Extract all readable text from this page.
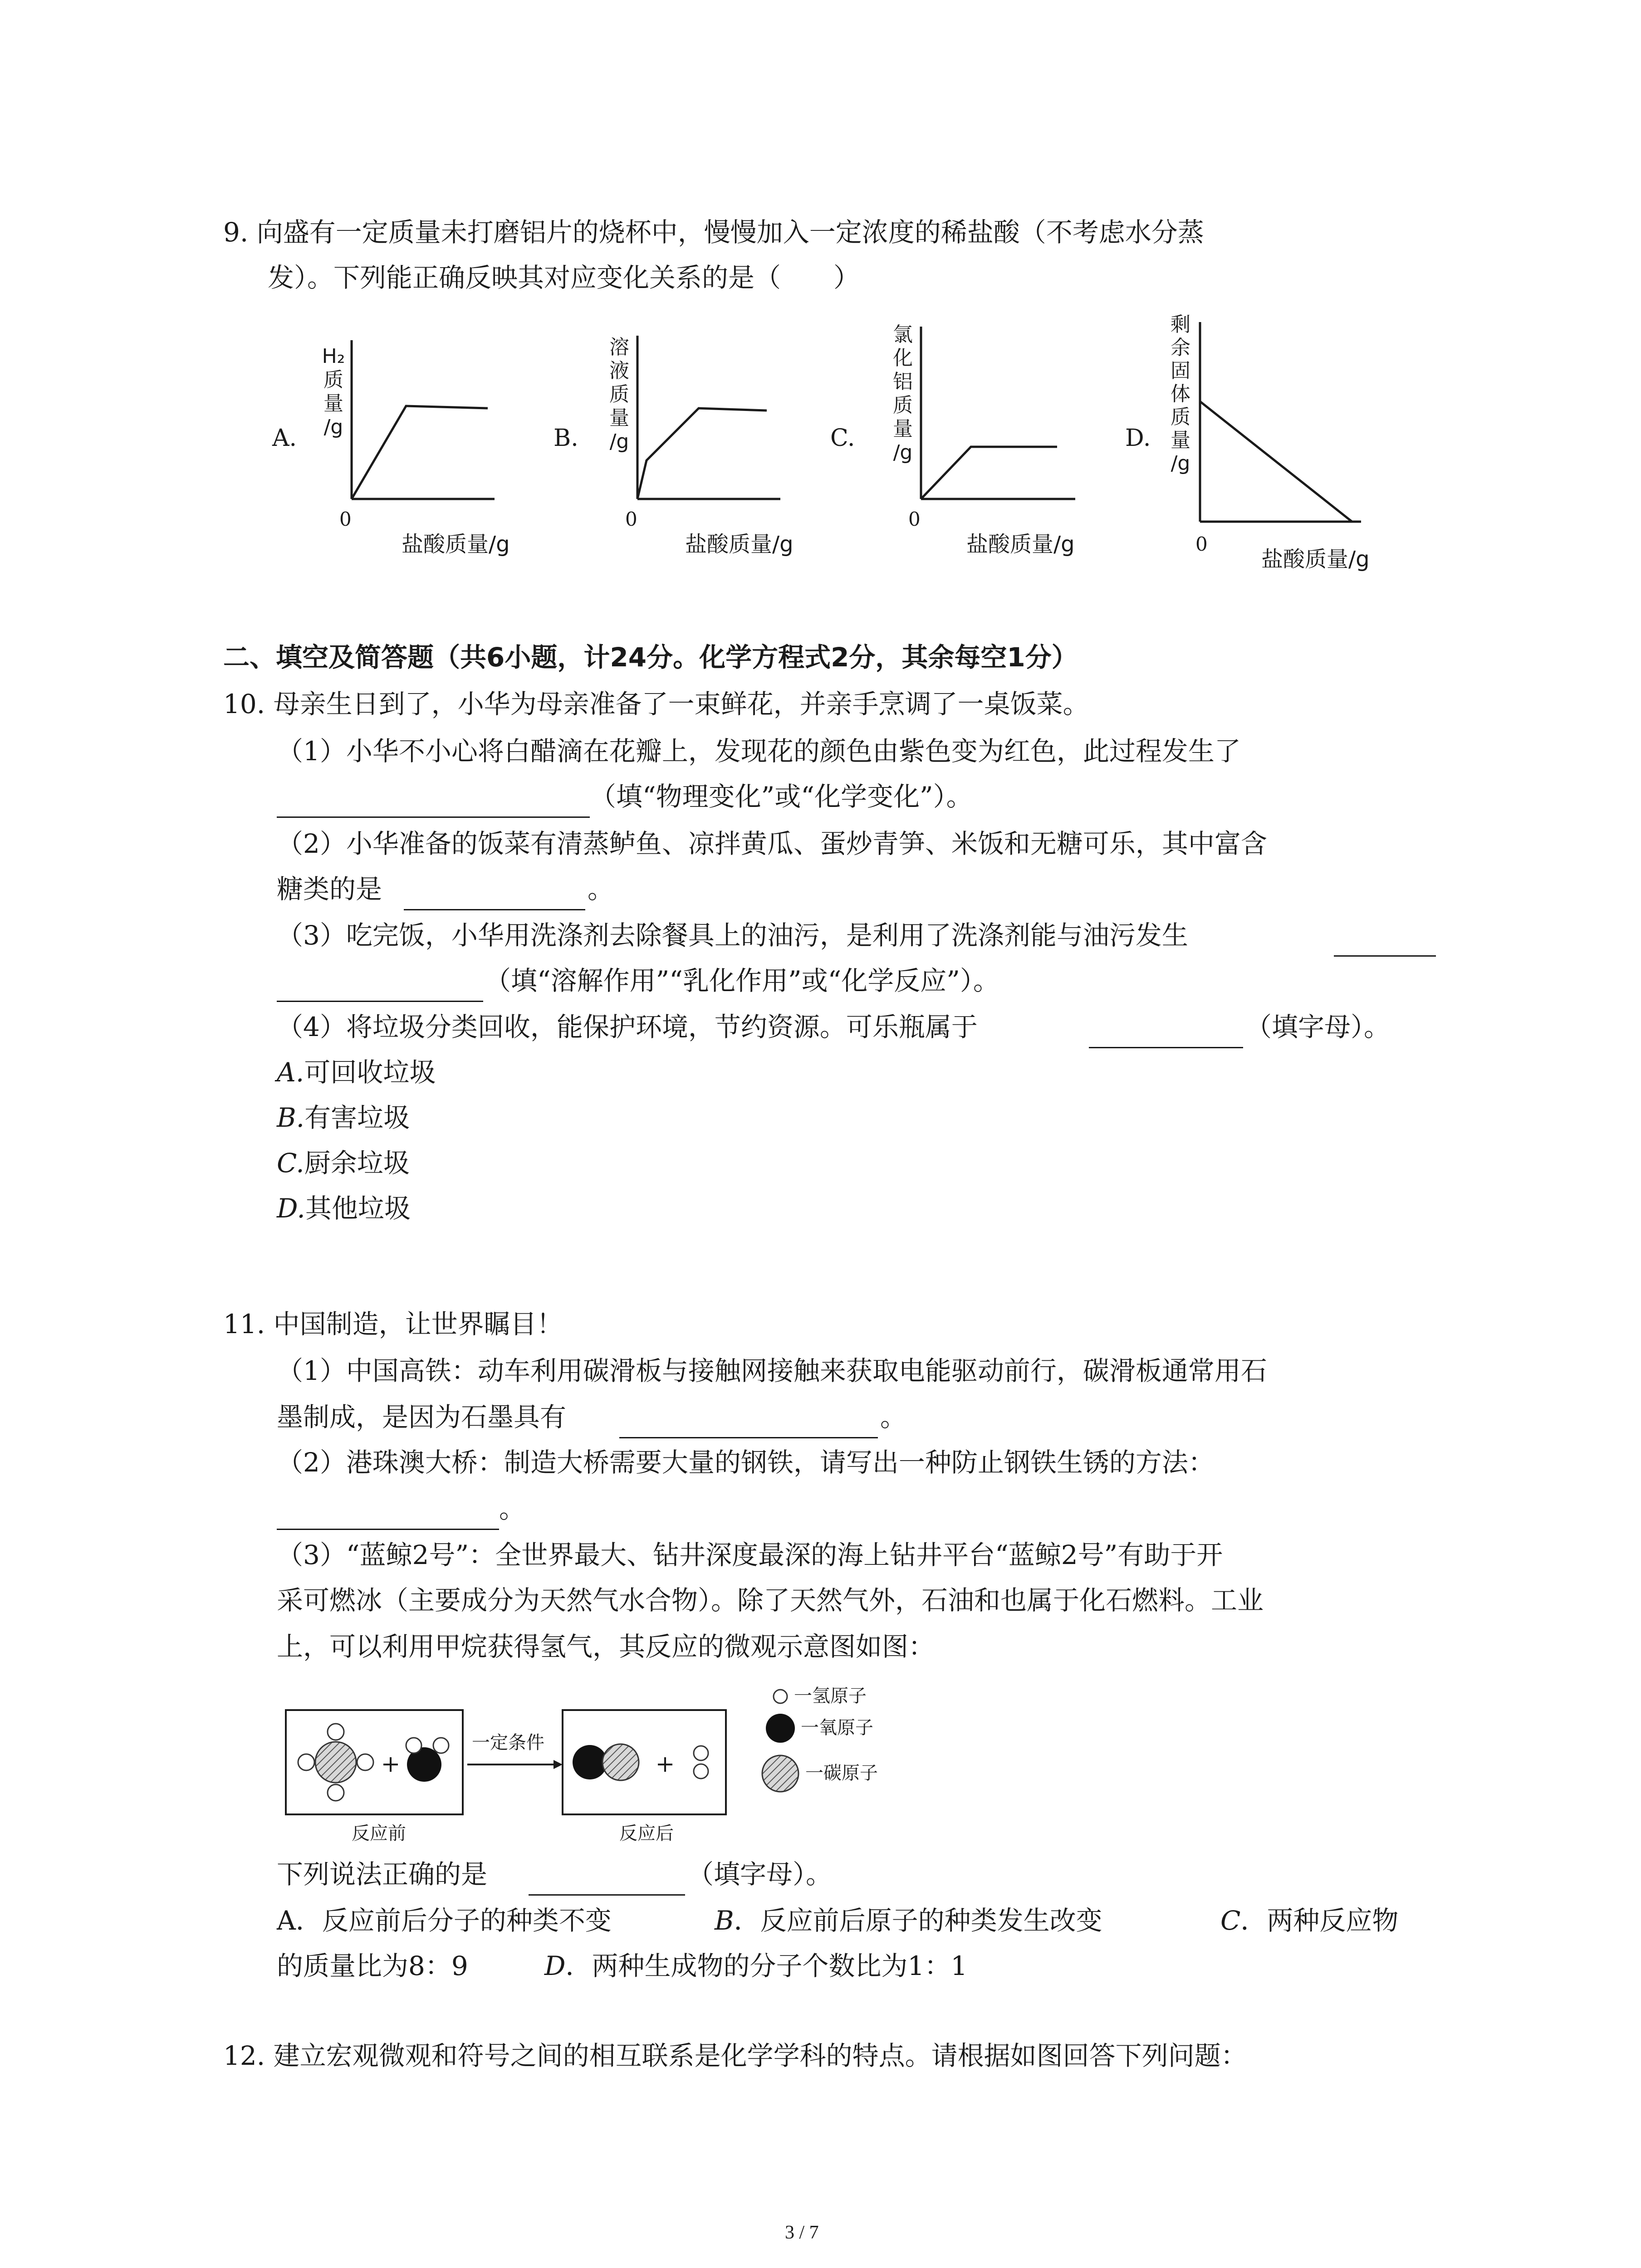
9. 向盛有一定质量未打磨铝片的烧杯中，慢慢加入一定浓度的稀盐酸（不考虑水分蒸
发）。下列能正确反映其对应变化关系的是（　　）
A.
H₂
质
量
/g
0
盐酸质量/g
B.
溶
液
质
量
/g
0
盐酸质量/g
C.
氯
化
铝
质
量
/g
0
盐酸质量/g
D.
剩
余
固
体
质
量
/g
0
盐酸质量/g
二、填空及简答题（共6小题，计24分。化学方程式2分，其余每空1分）
10. 母亲生日到了，小华为母亲准备了一束鲜花，并亲手烹调了一桌饭菜。
（1）小华不小心将白醋滴在花瓣上，发现花的颜色由紫色变为红色，此过程发生了
（填“物理变化”或“化学变化”）。
（2）小华准备的饭菜有清蒸鲈鱼、凉拌黄瓜、蛋炒青笋、米饭和无糖可乐，其中富含
糖类的是	。
（3）吃完饭，小华用洗涤剂去除餐具上的油污，是利用了洗涤剂能与油污发生
（填“溶解作用”“乳化作用”或“化学反应”）。
（4）将垃圾分类回收，能保护环境，节约资源。可乐瓶属于	（填字母）。
A.可回收垃圾
B.有害垃圾
C.厨余垃圾
D.其他垃圾
11. 中国制造，让世界瞩目！
（1）中国高铁：动车利用碳滑板与接触网接触来获取电能驱动前行，碳滑板通常用石
墨制成，是因为石墨具有	。
（2）港珠澳大桥：制造大桥需要大量的钢铁，请写出一种防止钢铁生锈的方法：
。
（3）“蓝鲸2号”：全世界最大、钻井深度最深的海上钻井平台“蓝鲸2号”有助于开
采可燃冰（主要成分为天然气水合物）。除了天然气外，石油和也属于化石燃料。工业
上，可以利用甲烷获得氢气，其反应的微观示意图如图：
一定条件
反应前	反应后
一氢原子
一氧原子
一碳原子
下列说法正确的是	（填字母）。
A．反应前后分子的种类不变	B．反应前后原子的种类发生改变	C．两种反应物
的质量比为8：9	D．两种生成物的分子个数比为1：1
12. 建立宏观微观和符号之间的相互联系是化学学科的特点。请根据如图回答下列问题：
3 / 7
